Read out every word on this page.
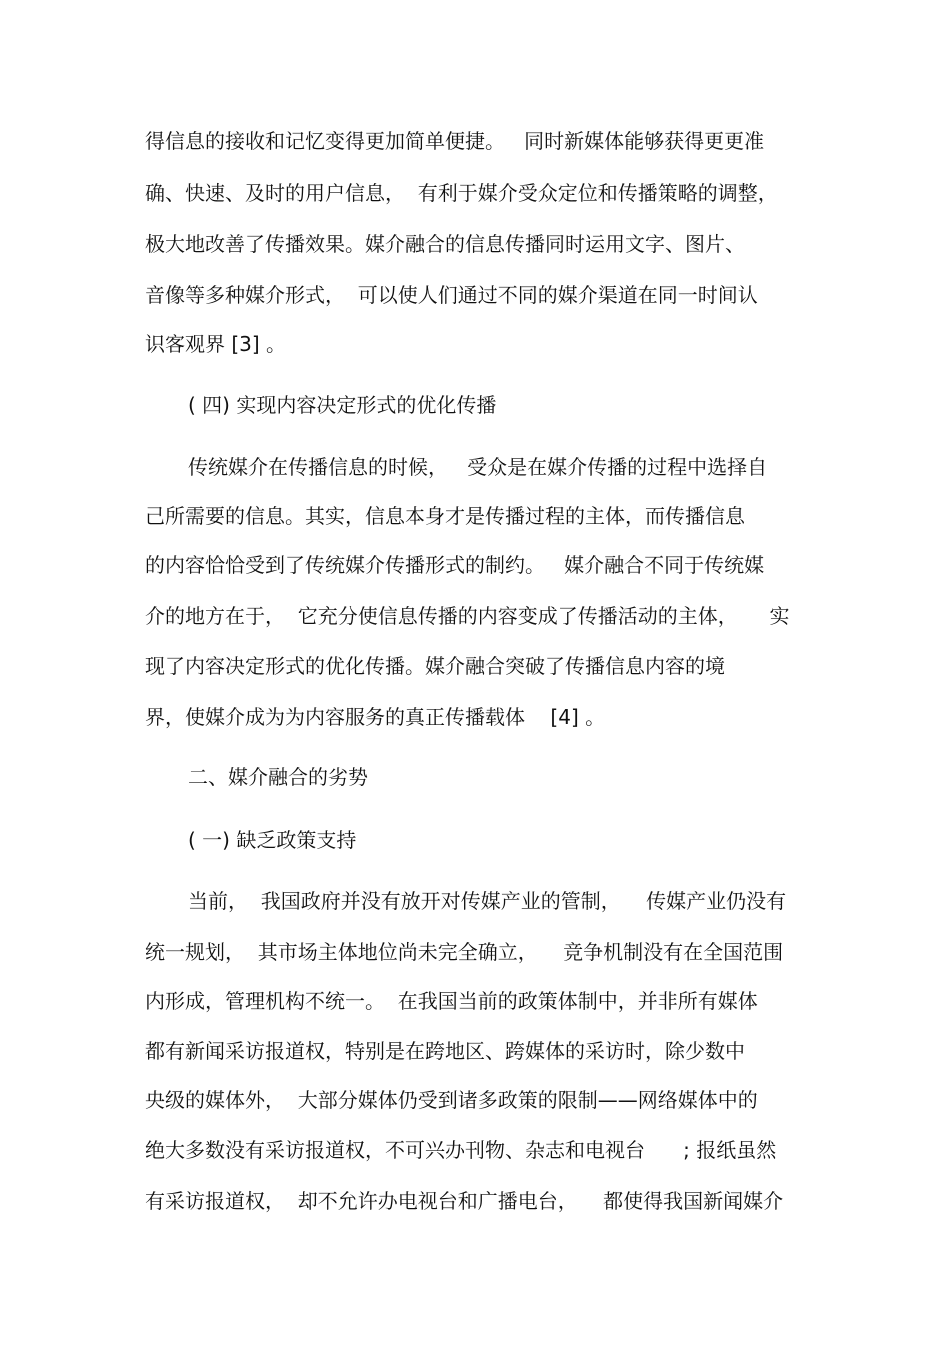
得信息的接收和记忆变得更加简单便捷。   同时新媒体能够获得更更准
确、快速、及时的用户信息，  有利于媒介受众定位和传播策略的调整，
极大地改善了传播效果。媒介融合的信息传播同时运用文字、图片、
音像等多种媒介形式，  可以使人们通过不同的媒介渠道在同一时间认
识客观界 [3] 。
( 四) 实现内容决定形式的优化传播
传统媒介在传播信息的时候，   受众是在媒介传播的过程中选择自
己所需要的信息。其实，信息本身才是传播过程的主体，而传播信息
的内容恰恰受到了传统媒介传播形式的制约。   媒介融合不同于传统媒
介的地方在于，  它充分使信息传播的内容变成了传播活动的主体，     实
现了内容决定形式的优化传播。媒介融合突破了传播信息内容的境
界，使媒介成为为内容服务的真正传播载体    [4] 。
二、媒介融合的劣势
( 一) 缺乏政策支持
当前，  我国政府并没有放开对传媒产业的管制，    传媒产业仍没有
统一规划，  其市场主体地位尚未完全确立，    竞争机制没有在全国范围
内形成，管理机构不统一。  在我国当前的政策体制中，并非所有媒体
都有新闻采访报道权，特别是在跨地区、跨媒体的采访时，除少数中
央级的媒体外，  大部分媒体仍受到诸多政策的限制——网络媒体中的
绝大多数没有采访报道权，不可兴办刊物、杂志和电视台      ; 报纸虽然
有采访报道权，  却不允许办电视台和广播电台，    都使得我国新闻媒介
